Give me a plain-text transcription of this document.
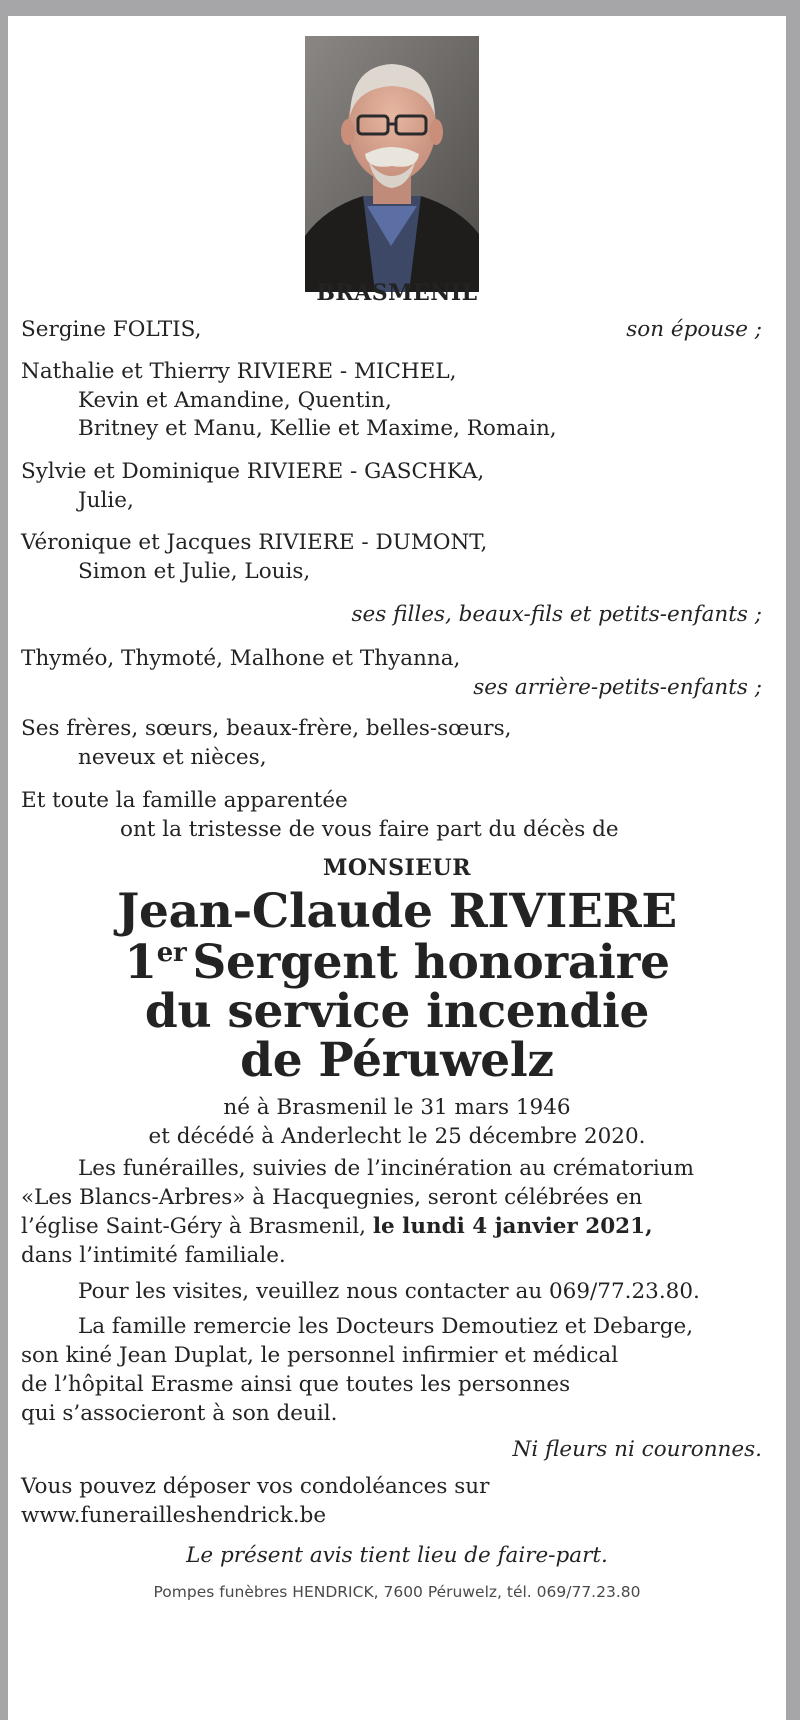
BRASMENIL
Sergine FOLTIS,	son épouse ;
Nathalie et Thierry RIVIERE - MICHEL,
Kevin et Amandine, Quentin,
Britney et Manu, Kellie et Maxime, Romain,
Sylvie et Dominique RIVIERE - GASCHKA,
Julie,
Véronique et Jacques RIVIERE - DUMONT,
Simon et Julie, Louis,
ses filles, beaux-fils et petits-enfants ;
Thyméo, Thymoté, Malhone et Thyanna,
ses arrière-petits-enfants ;
Ses frères, sœurs, beaux-frère, belles-sœurs,
neveux et nièces,
Et toute la famille apparentée
ont la tristesse de vous faire part du décès de
MONSIEUR
Jean-Claude RIVIERE
1er Sergent honoraire
du service incendie
de Péruwelz
né à Brasmenil le 31 mars 1946
et décédé à Anderlecht le 25 décembre 2020.
Les funérailles, suivies de l’incinération au crématorium
«Les Blancs-Arbres» à Hacquegnies, seront célébrées en
l’église Saint-Géry à Brasmenil, le lundi 4 janvier 2021,
dans l’intimité familiale.
Pour les visites, veuillez nous contacter au 069/77.23.80.
La famille remercie les Docteurs Demoutiez et Debarge,
son kiné Jean Duplat, le personnel infirmier et médical
de l’hôpital Erasme ainsi que toutes les personnes
qui s’associeront à son deuil.
Ni fleurs ni couronnes.
Vous pouvez déposer vos condoléances sur
www.funerailleshendrick.be
Le présent avis tient lieu de faire-part.
Pompes funèbres HENDRICK, 7600 Péruwelz, tél. 069/77.23.80
